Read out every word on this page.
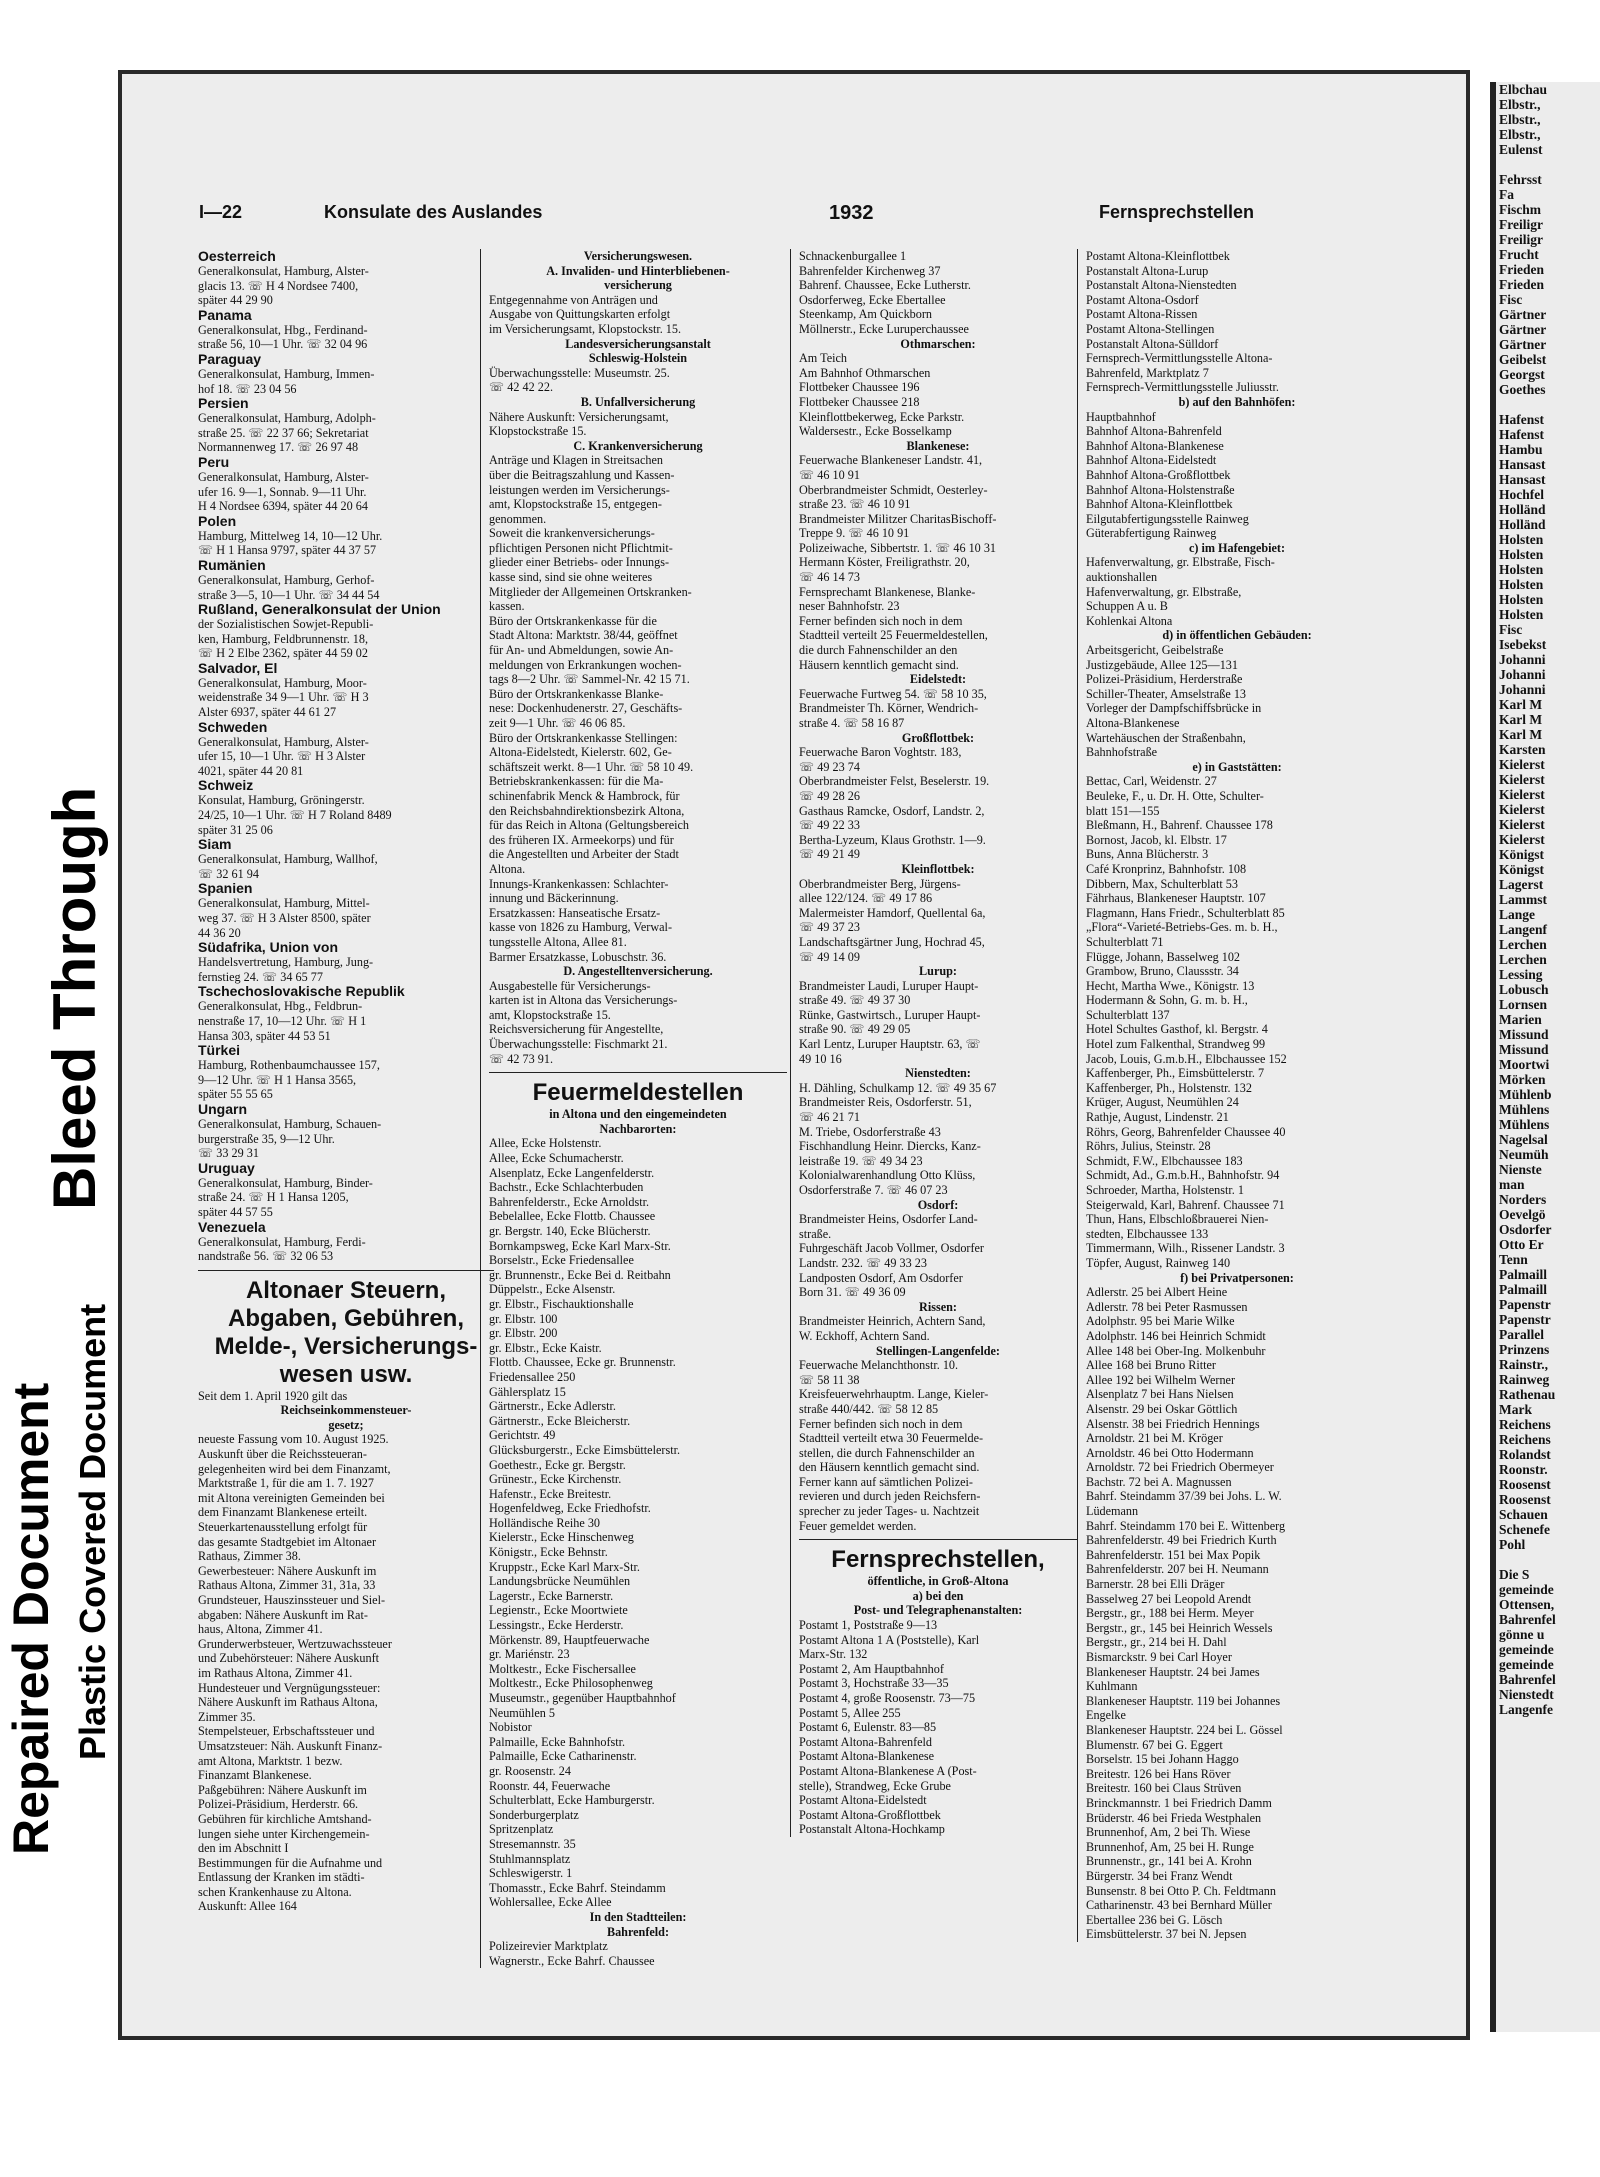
Repaired Document Plastic Covered Document
Bleed Through
I—22	Konsulate des Auslandes	1932	Fernsprechstellen
Oesterreich
Generalkonsulat, Hamburg, Alster-
glacis 13. ☏ H 4 Nordsee 7400,
später 44 29 90
Panama
Generalkonsulat, Hbg., Ferdinand-
straße 56, 10—1 Uhr. ☏ 32 04 96
Paraguay
Generalkonsulat, Hamburg, Immen-
hof 18. ☏ 23 04 56
Persien
Generalkonsulat, Hamburg, Adolph-
straße 25. ☏ 22 37 66; Sekretariat
Normannenweg 17. ☏ 26 97 48
Peru
Generalkonsulat, Hamburg, Alster-
ufer 16. 9—1, Sonnab. 9—11 Uhr.
H 4 Nordsee 6394, später 44 20 64
Polen
Hamburg, Mittelweg 14, 10—12 Uhr.
☏ H 1 Hansa 9797, später 44 37 57
Rumänien
Generalkonsulat, Hamburg, Gerhof-
straße 3—5, 10—1 Uhr. ☏ 34 44 54
Rußland, Generalkonsulat der Union
der Sozialistischen Sowjet-Republi-
ken, Hamburg, Feldbrunnenstr. 18,
☏ H 2 Elbe 2362, später 44 59 02
Salvador, El
Generalkonsulat, Hamburg, Moor-
weidenstraße 34 9—1 Uhr. ☏ H 3
Alster 6937, später 44 61 27
Schweden
Generalkonsulat, Hamburg, Alster-
ufer 15, 10—1 Uhr. ☏ H 3 Alster
4021, später 44 20 81
Schweiz
Konsulat, Hamburg, Gröningerstr.
24/25, 10—1 Uhr. ☏ H 7 Roland 8489
später 31 25 06
Siam
Generalkonsulat, Hamburg, Wallhof,
☏ 32 61 94
Spanien
Generalkonsulat, Hamburg, Mittel-
weg 37. ☏ H 3 Alster 8500, später
44 36 20
Südafrika, Union von
Handelsvertretung, Hamburg, Jung-
fernstieg 24. ☏ 34 65 77
Tschechoslovakische Republik
Generalkonsulat, Hbg., Feldbrun-
nenstraße 17, 10—12 Uhr. ☏ H 1
Hansa 303, später 44 53 51
Türkei
Hamburg, Rothenbaumchaussee 157,
9—12 Uhr. ☏ H 1 Hansa 3565,
später 55 55 65
Ungarn
Generalkonsulat, Hamburg, Schauen-
burgerstraße 35, 9—12 Uhr.
☏ 33 29 31
Uruguay
Generalkonsulat, Hamburg, Binder-
straße 24. ☏ H 1 Hansa 1205,
später 44 57 55
Venezuela
Generalkonsulat, Hamburg, Ferdi-
nandstraße 56. ☏ 32 06 53
Altonaer Steuern,
Abgaben, Gebühren,
Melde-, Versicherungs-
wesen usw.
Seit dem 1. April 1920 gilt das
Reichseinkommensteuer-
gesetz;
neueste Fassung vom 10. August 1925.
Auskunft über die Reichssteueran-
gelegenheiten wird bei dem Finanzamt,
Marktstraße 1, für die am 1. 7. 1927
mit Altona vereinigten Gemeinden bei
dem Finanzamt Blankenese erteilt.
Steuerkartenausstellung erfolgt für
das gesamte Stadtgebiet im Altonaer
Rathaus, Zimmer 38.
Gewerbesteuer: Nähere Auskunft im
Rathaus Altona, Zimmer 31, 31a, 33
Grundsteuer, Hauszinssteuer und Siel-
abgaben: Nähere Auskunft im Rat-
haus, Altona, Zimmer 41.
Grunderwerbsteuer, Wertzuwachssteuer
und Zubehörsteuer: Nähere Auskunft
im Rathaus Altona, Zimmer 41.
Hundesteuer und Vergnügungssteuer:
Nähere Auskunft im Rathaus Altona,
Zimmer 35.
Stempelsteuer, Erbschaftssteuer und
Umsatzsteuer: Näh. Auskunft Finanz-
amt Altona, Marktstr. 1 bezw.
Finanzamt Blankenese.
Paßgebühren: Nähere Auskunft im
Polizei-Präsidium, Herderstr. 66.
Gebühren für kirchliche Amtshand-
lungen siehe unter Kirchengemein-
den im Abschnitt I
Bestimmungen für die Aufnahme und
Entlassung der Kranken im städti-
schen Krankenhause zu Altona.
Auskunft: Allee 164
Versicherungswesen.
A. Invaliden- und Hinterbliebenen-
versicherung
Entgegennahme von Anträgen und
Ausgabe von Quittungskarten erfolgt
im Versicherungsamt, Klopstockstr. 15.
Landesversicherungsanstalt
Schleswig-Holstein
Überwachungsstelle: Museumstr. 25.
☏ 42 42 22.
B. Unfallversicherung
Nähere Auskunft: Versicherungsamt,
Klopstockstraße 15.
C. Krankenversicherung
Anträge und Klagen in Streitsachen
über die Beitragszahlung und Kassen-
leistungen werden im Versicherungs-
amt, Klopstockstraße 15, entgegen-
genommen.
Soweit die krankenversicherungs-
pflichtigen Personen nicht Pflichtmit-
glieder einer Betriebs- oder Innungs-
kasse sind, sind sie ohne weiteres
Mitglieder der Allgemeinen Ortskranken-
kassen.
Büro der Ortskrankenkasse für die
Stadt Altona: Marktstr. 38/44, geöffnet
für An- und Abmeldungen, sowie An-
meldungen von Erkrankungen wochen-
tags 8—2 Uhr. ☏ Sammel-Nr. 42 15 71.
Büro der Ortskrankenkasse Blanke-
nese: Dockenhudenerstr. 27, Geschäfts-
zeit 9—1 Uhr. ☏ 46 06 85.
Büro der Ortskrankenkasse Stellingen:
Altona-Eidelstedt, Kielerstr. 602, Ge-
schäftszeit werkt. 8—1 Uhr. ☏ 58 10 49.
Betriebskrankenkassen: für die Ma-
schinenfabrik Menck & Hambrock, für
den Reichsbahndirektionsbezirk Altona,
für das Reich in Altona (Geltungsbereich
des früheren IX. Armeekorps) und für
die Angestellten und Arbeiter der Stadt
Altona.
Innungs-Krankenkassen: Schlachter-
innung und Bäckerinnung.
Ersatzkassen: Hanseatische Ersatz-
kasse von 1826 zu Hamburg, Verwal-
tungsstelle Altona, Allee 81.
Barmer Ersatzkasse, Lobuschstr. 36.
D. Angestelltenversicherung.
Ausgabestelle für Versicherungs-
karten ist in Altona das Versicherungs-
amt, Klopstockstraße 15.
Reichsversicherung für Angestellte,
Überwachungsstelle: Fischmarkt 21.
☏ 42 73 91.
Feuermeldestellen
in Altona und den eingemeindeten
Nachbarorten:
Allee, Ecke Holstenstr.
Allee, Ecke Schumacherstr.
Alsenplatz, Ecke Langenfelderstr.
Bachstr., Ecke Schlachterbuden
Bahrenfelderstr., Ecke Arnoldstr.
Bebelallee, Ecke Flottb. Chaussee
gr. Bergstr. 140, Ecke Blücherstr.
Bornkampsweg, Ecke Karl Marx-Str.
Borselstr., Ecke Friedensallee
gr. Brunnenstr., Ecke Bei d. Reitbahn
Düppelstr., Ecke Alsenstr.
gr. Elbstr., Fischauktionshalle
gr. Elbstr. 100
gr. Elbstr. 200
gr. Elbstr., Ecke Kaistr.
Flottb. Chaussee, Ecke gr. Brunnenstr.
Friedensallee 250
Gählersplatz 15
Gärtnerstr., Ecke Adlerstr.
Gärtnerstr., Ecke Bleicherstr.
Gerichtstr. 49
Glücksburgerstr., Ecke Eimsbüttelerstr.
Goethestr., Ecke gr. Bergstr.
Grünestr., Ecke Kirchenstr.
Hafenstr., Ecke Breitestr.
Hogenfeldweg, Ecke Friedhofstr.
Holländische Reihe 30
Kielerstr., Ecke Hinschenweg
Königstr., Ecke Behnstr.
Kruppstr., Ecke Karl Marx-Str.
Landungsbrücke Neumühlen
Lagerstr., Ecke Barnerstr.
Legienstr., Ecke Moortwiete
Lessingstr., Ecke Herderstr.
Mörkenstr. 89, Hauptfeuerwache
gr. Mariénstr. 23
Moltkestr., Ecke Fischersallee
Moltkestr., Ecke Philosophenweg
Museumstr., gegenüber Hauptbahnhof
Neumühlen 5
Nobistor
Palmaille, Ecke Bahnhofstr.
Palmaille, Ecke Catharinenstr.
gr. Roosenstr. 24
Roonstr. 44, Feuerwache
Schulterblatt, Ecke Hamburgerstr.
Sonderburgerplatz
Spritzenplatz
Stresemannstr. 35
Stuhlmannsplatz
Schleswigerstr. 1
Thomasstr., Ecke Bahrf. Steindamm
Wohlersallee, Ecke Allee
In den Stadtteilen:
Bahrenfeld:
Polizeirevier Marktplatz
Wagnerstr., Ecke Bahrf. Chaussee
Schnackenburgallee 1
Bahrenfelder Kirchenweg 37
Bahrenf. Chaussee, Ecke Lutherstr.
Osdorferweg, Ecke Ebertallee
Steenkamp, Am Quickborn
Möllnerstr., Ecke Luruperchaussee
Othmarschen:
Am Teich
Am Bahnhof Othmarschen
Flottbeker Chaussee 196
Flottbeker Chaussee 218
Kleinflottbekerweg, Ecke Parkstr.
Waldersestr., Ecke Bosselkamp
Blankenese:
Feuerwache Blankeneser Landstr. 41,
☏ 46 10 91
Oberbrandmeister Schmidt, Oesterley-
straße 23. ☏ 46 10 91
Brandmeister Militzer CharitasBischoff-
Treppe 9. ☏ 46 10 91
Polizeiwache, Sibbertstr. 1. ☏ 46 10 31
Hermann Köster, Freiligrathstr. 20,
☏ 46 14 73
Fernsprechamt Blankenese, Blanke-
neser Bahnhofstr. 23
Ferner befinden sich noch in dem
Stadtteil verteilt 25 Feuermeldestellen,
die durch Fahnenschilder an den
Häusern kenntlich gemacht sind.
Eidelstedt:
Feuerwache Furtweg 54. ☏ 58 10 35,
Brandmeister Th. Körner, Wendrich-
straße 4. ☏ 58 16 87
Großflottbek:
Feuerwache Baron Voghtstr. 183,
☏ 49 23 74
Oberbrandmeister Felst, Beselerstr. 19.
☏ 49 28 26
Gasthaus Ramcke, Osdorf, Landstr. 2,
☏ 49 22 33
Bertha-Lyzeum, Klaus Grothstr. 1—9.
☏ 49 21 49
Kleinflottbek:
Oberbrandmeister Berg, Jürgens-
allee 122/124. ☏ 49 17 86
Malermeister Hamdorf, Quellental 6a,
☏ 49 37 23
Landschaftsgärtner Jung, Hochrad 45,
☏ 49 14 09
Lurup:
Brandmeister Laudi, Luruper Haupt-
straße 49. ☏ 49 37 30
Rünke, Gastwirtsch., Luruper Haupt-
straße 90. ☏ 49 29 05
Karl Lentz, Luruper Hauptstr. 63, ☏
49 10 16
Nienstedten:
H. Dähling, Schulkamp 12. ☏ 49 35 67
Brandmeister Reis, Osdorferstr. 51,
☏ 46 21 71
M. Triebe, Osdorferstraße 43
Fischhandlung Heinr. Diercks, Kanz-
leistraße 19. ☏ 49 34 23
Kolonialwarenhandlung Otto Klüss,
Osdorferstraße 7. ☏ 46 07 23
Osdorf:
Brandmeister Heins, Osdorfer Land-
straße.
Fuhrgeschäft Jacob Vollmer, Osdorfer
Landstr. 232. ☏ 49 33 23
Landposten Osdorf, Am Osdorfer
Born 31. ☏ 49 36 09
Rissen:
Brandmeister Heinrich, Achtern Sand,
W. Eckhoff, Achtern Sand.
Stellingen-Langenfelde:
Feuerwache Melanchthonstr. 10.
☏ 58 11 38
Kreisfeuerwehrhauptm. Lange, Kieler-
straße 440/442. ☏ 58 12 85
Ferner befinden sich noch in dem
Stadtteil verteilt etwa 30 Feuermelde-
stellen, die durch Fahnenschilder an
den Häusern kenntlich gemacht sind.
Ferner kann auf sämtlichen Polizei-
revieren und durch jeden Reichsfern-
sprecher zu jeder Tages- u. Nachtzeit
Feuer gemeldet werden.
Fernsprechstellen,
öffentliche, in Groß-Altona
a) bei den
Post- und Telegraphenanstalten:
Postamt 1, Poststraße 9—13
Postamt Altona 1 A (Poststelle), Karl
Marx-Str. 132
Postamt 2, Am Hauptbahnhof
Postamt 3, Hochstraße 33—35
Postamt 4, große Roosenstr. 73—75
Postamt 5, Allee 255
Postamt 6, Eulenstr. 83—85
Postamt Altona-Bahrenfeld
Postamt Altona-Blankenese
Postamt Altona-Blankenese A (Post-
stelle), Strandweg, Ecke Grube
Postamt Altona-Eidelstedt
Postamt Altona-Großflottbek
Postanstalt Altona-Hochkamp
Postamt Altona-Kleinflottbek
Postanstalt Altona-Lurup
Postanstalt Altona-Nienstedten
Postamt Altona-Osdorf
Postamt Altona-Rissen
Postamt Altona-Stellingen
Postanstalt Altona-Sülldorf
Fernsprech-Vermittlungsstelle Altona-
Bahrenfeld, Marktplatz 7
Fernsprech-Vermittlungsstelle Juliusstr.
b) auf den Bahnhöfen:
Hauptbahnhof
Bahnhof Altona-Bahrenfeld
Bahnhof Altona-Blankenese
Bahnhof Altona-Eidelstedt
Bahnhof Altona-Großflottbek
Bahnhof Altona-Holstenstraße
Bahnhof Altona-Kleinflottbek
Eilgutabfertigungsstelle Rainweg
Güterabfertigung Rainweg
c) im Hafengebiet:
Hafenverwaltung, gr. Elbstraße, Fisch-
auktionshallen
Hafenverwaltung, gr. Elbstraße,
Schuppen A u. B
Kohlenkai Altona
d) in öffentlichen Gebäuden:
Arbeitsgericht, Geibelstraße
Justizgebäude, Allee 125—131
Polizei-Präsidium, Herderstraße
Schiller-Theater, Amselstraße 13
Vorleger der Dampfschiffsbrücke in
Altona-Blankenese
Wartehäuschen der Straßenbahn,
Bahnhofstraße
e) in Gaststätten:
Bettac, Carl, Weidenstr. 27
Beuleke, F., u. Dr. H. Otte, Schulter-
blatt 151—155
Bleßmann, H., Bahrenf. Chaussee 178
Bornost, Jacob, kl. Elbstr. 17
Buns, Anna Blücherstr. 3
Café Kronprinz, Bahnhofstr. 108
Dibbern, Max, Schulterblatt 53
Fährhaus, Blankeneser Hauptstr. 107
Flagmann, Hans Friedr., Schulterblatt 85
„Flora“-Varieté-Betriebs-Ges. m. b. H.,
Schulterblatt 71
Flügge, Johann, Basselweg 102
Grambow, Bruno, Claussstr. 34
Hecht, Martha Wwe., Königstr. 13
Hodermann & Sohn, G. m. b. H.,
Schulterblatt 137
Hotel Schultes Gasthof, kl. Bergstr. 4
Hotel zum Falkenthal, Strandweg 99
Jacob, Louis, G.m.b.H., Elbchaussee 152
Kaffenberger, Ph., Eimsbüttelerstr. 7
Kaffenberger, Ph., Holstenstr. 132
Krüger, August, Neumühlen 24
Rathje, August, Lindenstr. 21
Röhrs, Georg, Bahrenfelder Chaussee 40
Röhrs, Julius, Steinstr. 28
Schmidt, F.W., Elbchaussee 183
Schmidt, Ad., G.m.b.H., Bahnhofstr. 94
Schroeder, Martha, Holstenstr. 1
Steigerwald, Karl, Bahrenf. Chaussee 71
Thun, Hans, Elbschloßbrauerei Nien-
stedten, Elbchaussee 133
Timmermann, Wilh., Rissener Landstr. 3
Töpfer, August, Rainweg 140
f) bei Privatpersonen:
Adlerstr. 25 bei Albert Heine
Adlerstr. 78 bei Peter Rasmussen
Adolphstr. 95 bei Marie Wilke
Adolphstr. 146 bei Heinrich Schmidt
Allee 148 bei Ober-Ing. Molkenbuhr
Allee 168 bei Bruno Ritter
Allee 192 bei Wilhelm Werner
Alsenplatz 7 bei Hans Nielsen
Alsenstr. 29 bei Oskar Göttlich
Alsenstr. 38 bei Friedrich Hennings
Arnoldstr. 21 bei M. Kröger
Arnoldstr. 46 bei Otto Hodermann
Arnoldstr. 72 bei Friedrich Obermeyer
Bachstr. 72 bei A. Magnussen
Bahrf. Steindamm 37/39 bei Johs. L. W.
Lüdemann
Bahrf. Steindamm 170 bei E. Wittenberg
Bahrenfelderstr. 49 bei Friedrich Kurth
Bahrenfelderstr. 151 bei Max Popik
Bahrenfelderstr. 207 bei H. Neumann
Barnerstr. 28 bei Elli Dräger
Basselweg 27 bei Leopold Arendt
Bergstr., gr., 188 bei Herm. Meyer
Bergstr., gr., 145 bei Heinrich Wessels
Bergstr., gr., 214 bei H. Dahl
Bismarckstr. 9 bei Carl Hoyer
Blankeneser Hauptstr. 24 bei James
Kuhlmann
Blankeneser Hauptstr. 119 bei Johannes
Engelke
Blankeneser Hauptstr. 224 bei L. Gössel
Blumenstr. 67 bei G. Eggert
Borselstr. 15 bei Johann Haggo
Breitestr. 126 bei Hans Röver
Breitestr. 160 bei Claus Strüven
Brinckmannstr. 1 bei Friedrich Damm
Brüderstr. 46 bei Frieda Westphalen
Brunnenhof, Am, 2 bei Th. Wiese
Brunnenhof, Am, 25 bei H. Runge
Brunnenstr., gr., 141 bei A. Krohn
Bürgerstr. 34 bei Franz Wendt
Bunsenstr. 8 bei Otto P. Ch. Feldtmann
Catharinenstr. 43 bei Bernhard Müller
Ebertallee 236 bei G. Lösch
Eimsbüttelerstr. 37 bei N. Jepsen
Elbchau
Elbstr.,
Elbstr.,
Elbstr.,
Eulenst

Fehrsst
Fa
Fischm
Freiligr
Freiligr
Frucht
Frieden
Frieden
Fisc
Gärtner
Gärtner
Gärtner
Geibelst
Georgst
Goethes

Hafenst
Hafenst
Hambu
Hansast
Hansast
Hochfel
Holländ
Holländ
Holsten
Holsten
Holsten
Holsten
Holsten
Holsten
Fisc
Isebekst
Johanni
Johanni
Johanni
Karl M
Karl M
Karl M
Karsten
Kielerst
Kielerst
Kielerst
Kielerst
Kielerst
Kielerst
Königst
Königst
Lagerst
Lammst
Lange
Langenf
Lerchen
Lerchen
Lessing
Lobusch
Lornsen
Marien
Missund
Missund
Moortwi
Mörken
Mühlenb
Mühlens
Mühlens
Nagelsal
Neumüh
Nienste
man
Norders
Oevelgö
Osdorfer
Otto Er
Tenn
Palmaill
Palmaill
Papenstr
Papenstr
Parallel
Prinzens
Rainstr.,
Rainweg
Rathenau
Mark
Reichens
Reichens
Rolandst
Roonstr.
Roosenst
Roosenst
Schauen
Schenefe
Pohl

Die S
gemeinde
Ottensen,
Bahrenfel
gönne u
gemeinde
gemeinde
Bahrenfel
Nienstedt
Langenfe
